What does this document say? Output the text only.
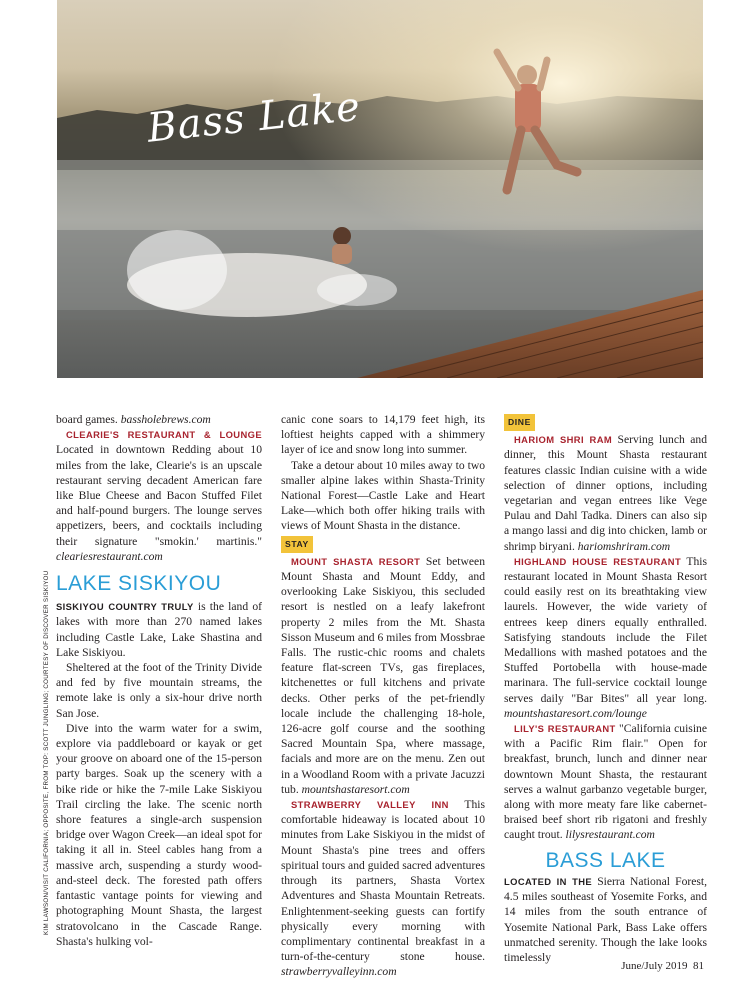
Bass Lake
KIM LAWSON/VISIT CALIFORNIA; OPPOSITE, FROM TOP: SCOTT JUNGLING; COURTESY OF DISCOVER SISKIYOU

board games. bassholebrews.com

CLEARIE'S RESTAURANT & LOUNGE Located in downtown Redding about 10 miles from the lake, Clearie's is an upscale restaurant serving decadent American fare like Blue Cheese and Bacon Stuffed Filet and half-pound burgers. The lounge serves appetizers, beers, and cocktails including their signature "smokin.' martinis." cleariesrestaurant.com

LAKE SISKIYOU

SISKIYOU COUNTRY TRULY is the land of lakes with more than 270 named lakes including Castle Lake, Lake Shastina and Lake Siskiyou.

Sheltered at the foot of the Trinity Divide and fed by five mountain streams, the remote lake is only a six-hour drive north San Jose.

Dive into the warm water for a swim, explore via paddleboard or kayak or get your groove on aboard one of the 15-person party barges. Soak up the scenery with a bike ride or hike the 7-mile Lake Siskiyou Trail circling the lake. The scenic north shore features a single-arch suspension bridge over Wagon Creek—an ideal spot for taking it all in. Steel cables hang from a massive arch, suspending a sturdy wood-and-steel deck. The forested path offers fantastic vantage points for viewing and photographing Mount Shasta, the largest stratovolcano in the Cascade Range. Shasta's hulking vol-

canic cone soars to 14,179 feet high, its loftiest heights capped with a shimmery layer of ice and snow long into summer.

Take a detour about 10 miles away to two smaller alpine lakes within Shasta-Trinity National Forest—Castle Lake and Heart Lake—which both offer hiking trails with views of Mount Shasta in the distance.

STAY

MOUNT SHASTA RESORT Set between Mount Shasta and Mount Eddy, and overlooking Lake Siskiyou, this secluded resort is nestled on a leafy lakefront property 2 miles from the Mt. Shasta Sisson Museum and 6 miles from Mossbrae Falls. The rustic-chic rooms and chalets feature flat-screen TVs, gas fireplaces, kitchenettes or full kitchens and private decks. Other perks of the pet-friendly locale include the challenging 18-hole, 126-acre golf course and the soothing Sacred Mountain Spa, where massage, facials and more are on the menu. Zen out in a Woodland Room with a private Jacuzzi tub. mountshastaresort.com

STRAWBERRY VALLEY INN This comfortable hideaway is located about 10 minutes from Lake Siskiyou in the midst of Mount Shasta's pine trees and offers spiritual tours and guided sacred adventures through its partners, Shasta Vortex Adventures and Shasta Mountain Retreats. Enlightenment-seeking guests can fortify physically every morning with complimentary continental breakfast in a turn-of-the-century stone house. strawberryvalleyinn.com

DINE

HARIOM SHRI RAM Serving lunch and dinner, this Mount Shasta restaurant features classic Indian cuisine with a wide selection of dinner options, including vegetarian and vegan entrees like Vege Pulau and Dahl Tadka. Diners can also sip a mango lassi and dig into chicken, lamb or shrimp biryani. hariomshriram.com

HIGHLAND HOUSE RESTAURANT This restaurant located in Mount Shasta Resort could easily rest on its breathtaking view laurels. However, the wide variety of entrees keep diners equally enthralled. Satisfying standouts include the Filet Medallions with mashed potatoes and the Stuffed Portobella with house-made marinara. The full-service cocktail lounge serves daily "Bar Bites" all year long. mountshastaresort.com/lounge

LILY'S RESTAURANT "California cuisine with a Pacific Rim flair." Open for breakfast, brunch, lunch and dinner near downtown Mount Shasta, the restaurant serves a walnut garbanzo vegetable burger, along with more meaty fare like cabernet-braised beef short rib rigatoni and freshly caught trout. lilysrestaurant.com

BASS LAKE

LOCATED IN THE Sierra National Forest, 4.5 miles southeast of Yosemite Forks, and 14 miles from the south entrance of Yosemite National Park, Bass Lake offers unmatched serenity. Though the lake looks timelessly

June/July 2019 81
